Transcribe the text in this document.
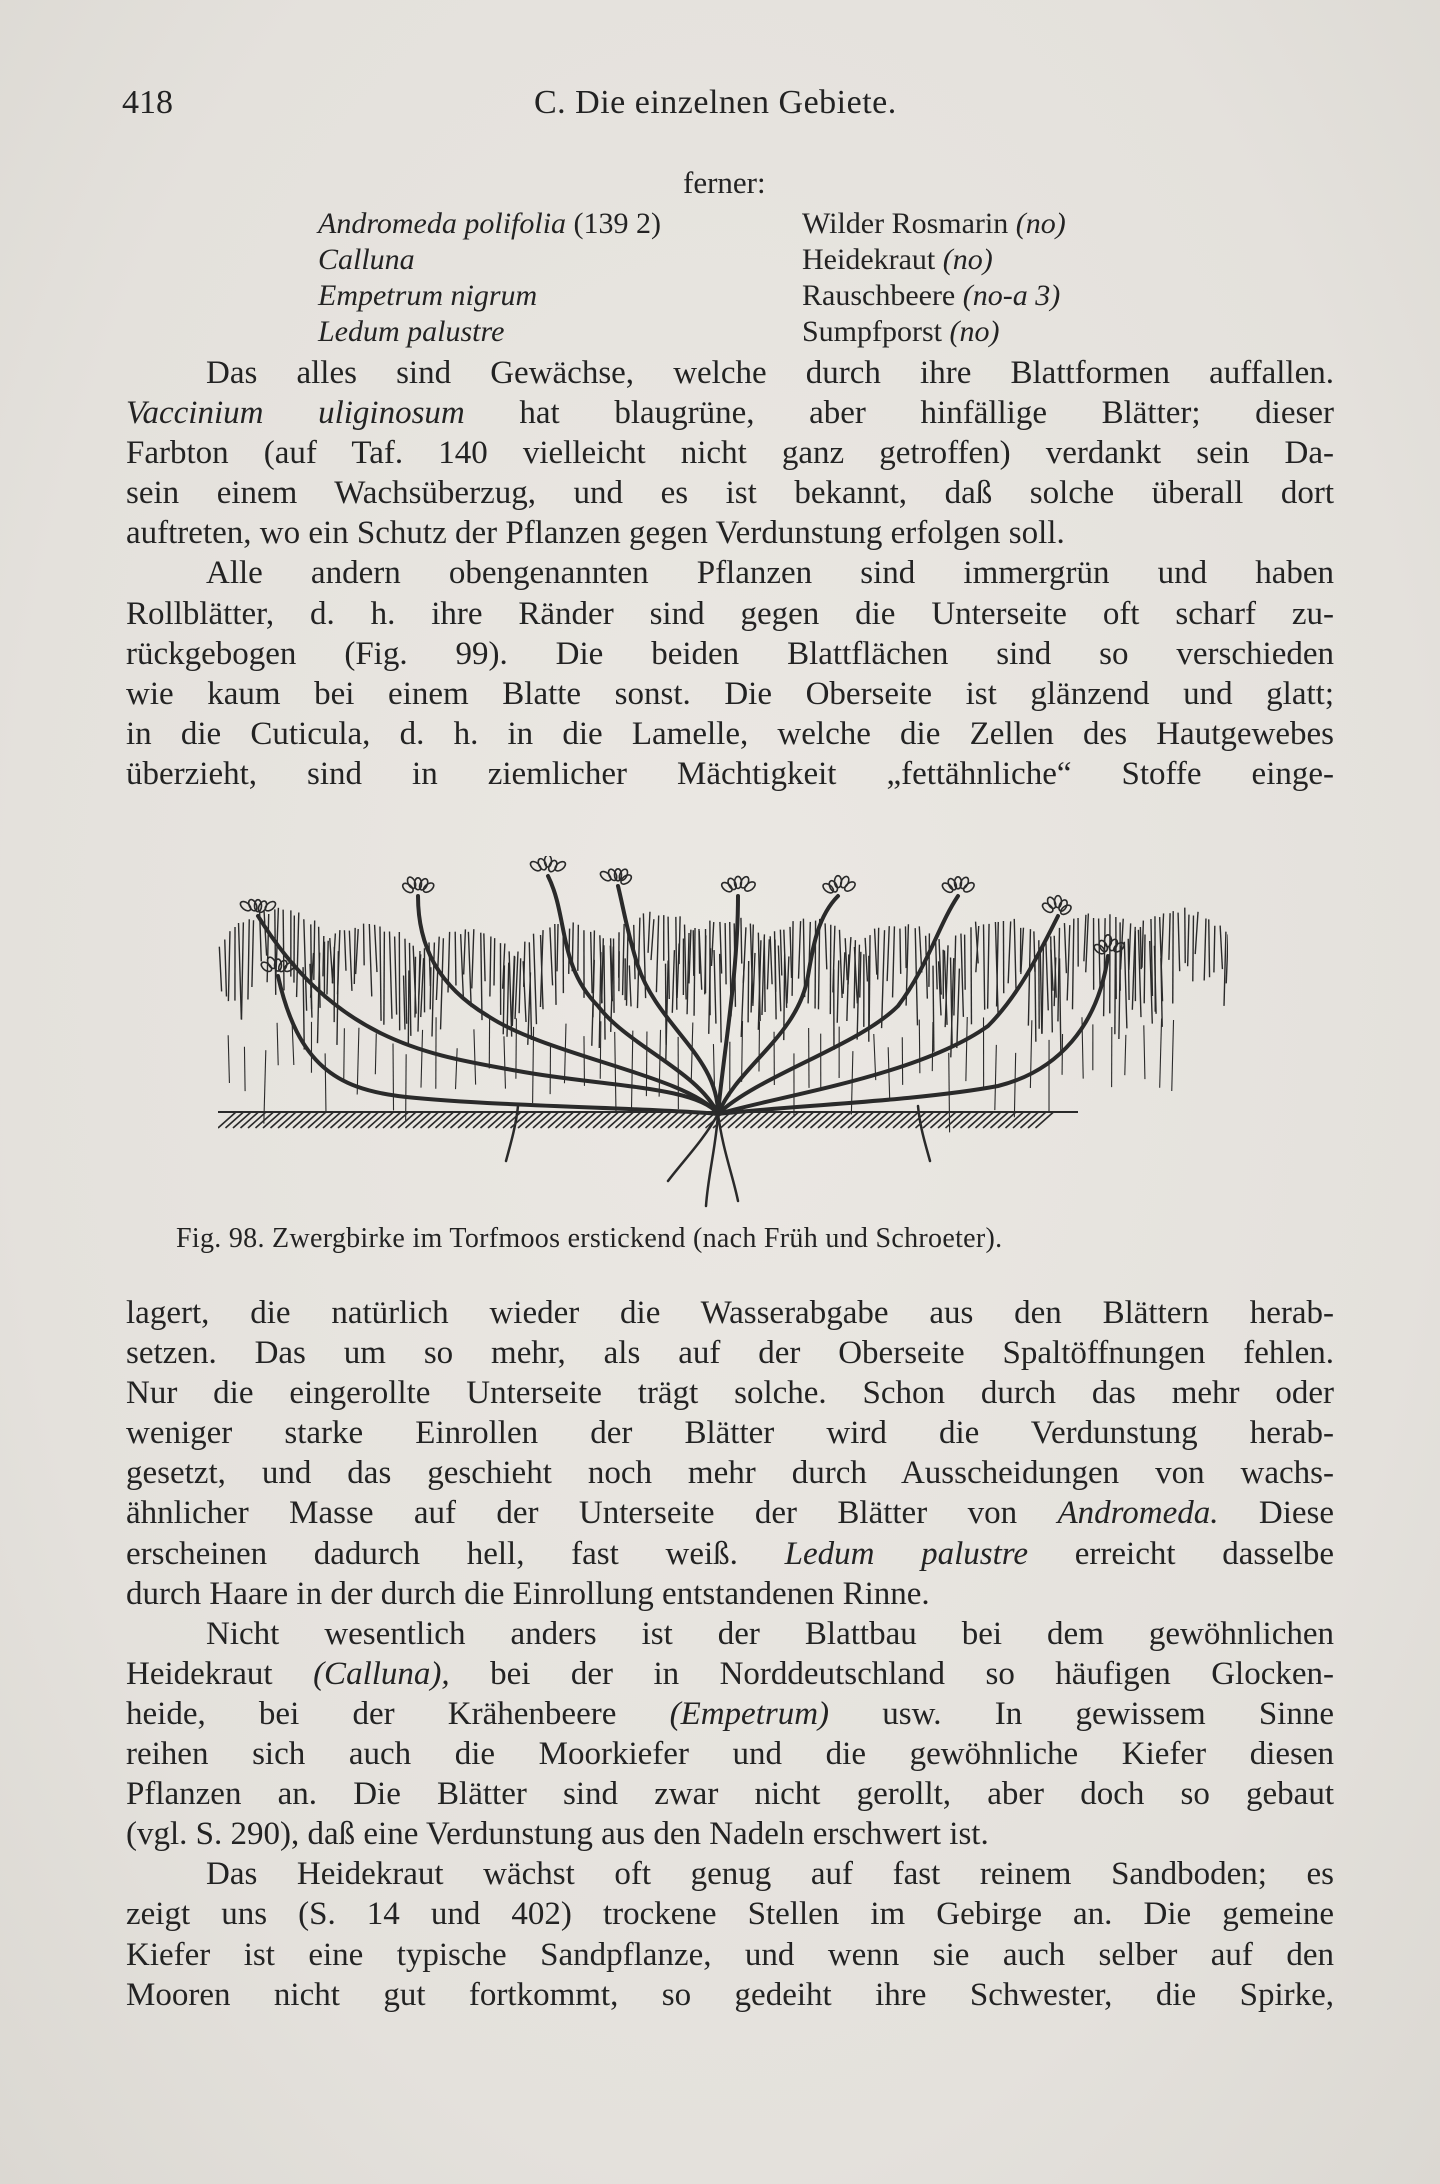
418	C. Die einzelnen Gebiete.
ferner:
Andromeda polifolia (139 2)	Wilder Rosmarin (no)
Calluna	Heidekraut (no)
Empetrum nigrum	Rauschbeere (no-a 3)
Ledum palustre	Sumpfporst (no)
Das alles sind Gewächse, welche durch ihre Blattformen auffallen.
Vaccinium uliginosum hat blaugrüne, aber hinfällige Blätter; dieser
Farbton (auf Taf. 140 vielleicht nicht ganz getroffen) verdankt sein Da-
sein einem Wachsüberzug, und es ist bekannt, daß solche überall dort
auftreten, wo ein Schutz der Pflanzen gegen Verdunstung erfolgen soll.
Alle andern obengenannten Pflanzen sind immergrün und haben
Rollblätter, d. h. ihre Ränder sind gegen die Unterseite oft scharf zu-
rückgebogen (Fig. 99). Die beiden Blattflächen sind so verschieden
wie kaum bei einem Blatte sonst. Die Oberseite ist glänzend und glatt;
in die Cuticula, d. h. in die Lamelle, welche die Zellen des Hautgewebes
überzieht, sind in ziemlicher Mächtigkeit „fettähnliche“ Stoffe einge-
Fig. 98. Zwergbirke im Torfmoos erstickend (nach Früh und Schroeter).
lagert, die natürlich wieder die Wasserabgabe aus den Blättern herab-
setzen. Das um so mehr, als auf der Oberseite Spaltöffnungen fehlen.
Nur die eingerollte Unterseite trägt solche. Schon durch das mehr oder
weniger starke Einrollen der Blätter wird die Verdunstung herab-
gesetzt, und das geschieht noch mehr durch Ausscheidungen von wachs-
ähnlicher Masse auf der Unterseite der Blätter von Andromeda. Diese
erscheinen dadurch hell, fast weiß. Ledum palustre erreicht dasselbe
durch Haare in der durch die Einrollung entstandenen Rinne.
Nicht wesentlich anders ist der Blattbau bei dem gewöhnlichen
Heidekraut (Calluna), bei der in Norddeutschland so häufigen Glocken-
heide, bei der Krähenbeere (Empetrum) usw. In gewissem Sinne
reihen sich auch die Moorkiefer und die gewöhnliche Kiefer diesen
Pflanzen an. Die Blätter sind zwar nicht gerollt, aber doch so gebaut
(vgl. S. 290), daß eine Verdunstung aus den Nadeln erschwert ist.
Das Heidekraut wächst oft genug auf fast reinem Sandboden; es
zeigt uns (S. 14 und 402) trockene Stellen im Gebirge an. Die gemeine
Kiefer ist eine typische Sandpflanze, und wenn sie auch selber auf den
Mooren nicht gut fortkommt, so gedeiht ihre Schwester, die Spirke,
